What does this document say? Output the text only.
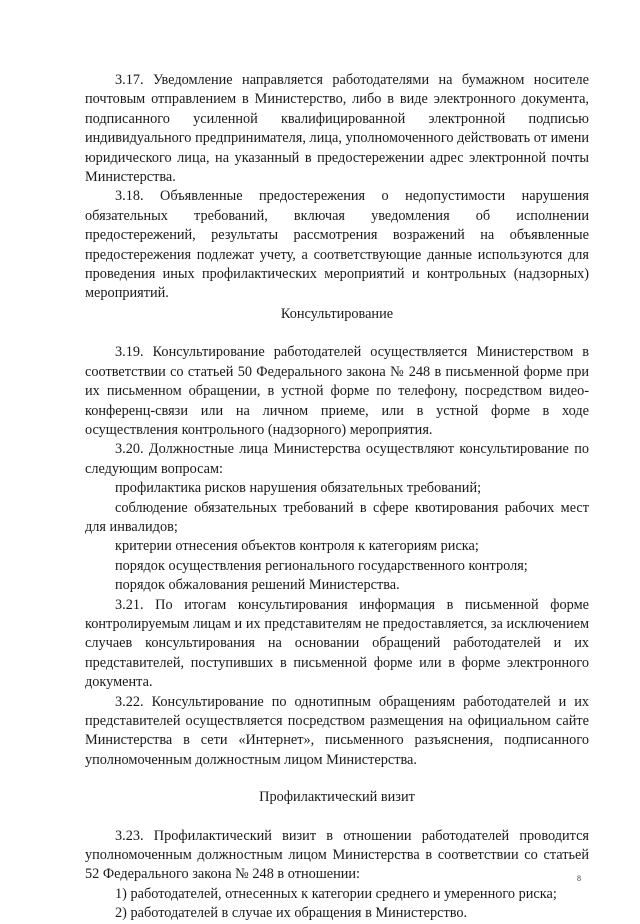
3.17. Уведомление направляется работодателями на бумажном носителе почтовым отправлением в Министерство, либо в виде электронного документа, подписанного усиленной квалифицированной электронной подписью индивидуального предпринимателя, лица, уполномоченного действовать от имени юридического лица, на указанный в предостережении адрес электронной почты Министерства.

3.18. Объявленные предостережения о недопустимости нарушения обязательных требований, включая уведомления об исполнении предостережений, результаты рассмотрения возражений на объявленные предостережения подлежат учету, а соответствующие данные используются для проведения иных профилактических мероприятий и контрольных (надзорных) мероприятий.

Консультирование

3.19. Консультирование работодателей осуществляется Министерством в соответствии со статьей 50 Федерального закона № 248 в письменной форме при их письменном обращении, в устной форме по телефону, посредством видео-конференц-связи или на личном приеме, или в устной форме в ходе осуществления контрольного (надзорного) мероприятия.

3.20. Должностные лица Министерства осуществляют консультирование по следующим вопросам:

профилактика рисков нарушения обязательных требований;

соблюдение обязательных требований в сфере квотирования рабочих мест для инвалидов;

критерии отнесения объектов контроля к категориям риска;

порядок осуществления регионального государственного контроля;

порядок обжалования решений Министерства.

3.21. По итогам консультирования информация в письменной форме контролируемым лицам и их представителям не предоставляется, за исключением случаев консультирования на основании обращений работодателей и их представителей, поступивших в письменной форме или в форме электронного документа.

3.22. Консультирование по однотипным обращениям работодателей и их представителей осуществляется посредством размещения на официальном сайте Министерства в сети «Интернет», письменного разъяснения, подписанного уполномоченным должностным лицом Министерства.

Профилактический визит

3.23. Профилактический визит в отношении работодателей проводится уполномоченным должностным лицом Министерства в соответствии со статьей 52 Федерального закона № 248 в отношении:

1) работодателей, отнесенных к категории среднего и умеренного риска;

2) работодателей в случае их обращения в Министерство.

8
